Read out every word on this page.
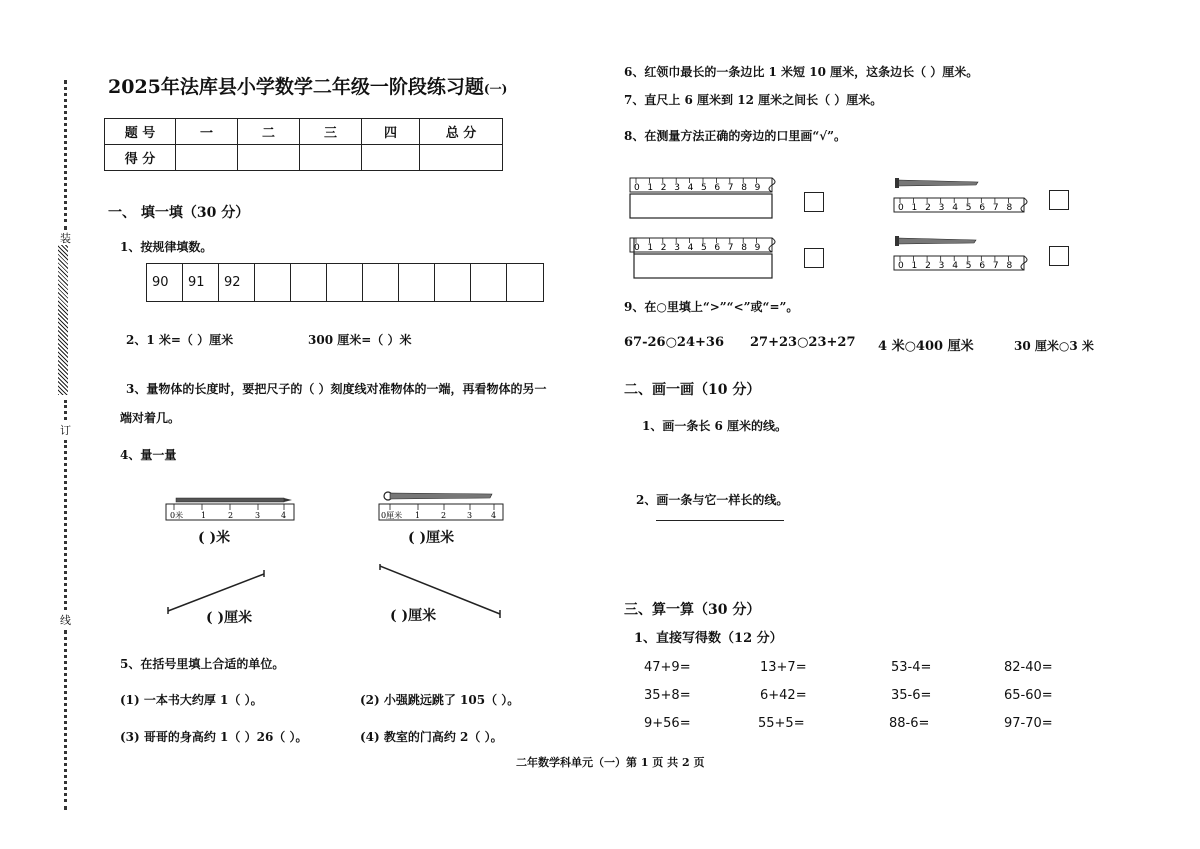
装
订
线
2025年法库县小学数学二年级一阶段练习题(一)
题 号	一	二	三	四	总 分
得 分					
一、 填一填（30 分）
1、按规律填数。
90	91	92
2、1 米=（ ）厘米	300 厘米=（ ）米
3、量物体的长度时，要把尺子的（ ）刻度线对准物体的一端，再看物体的另一
端对着几。
4、量一量
0米 1	2	3	4
( )米
0厘米 1	2	3 4
( )厘米
( )厘米	( )厘米
5、在括号里填上合适的单位。
(1) 一本书大约厚 1（ ）。	(2) 小强跳远跳了 105（ ）。
(3) 哥哥的身高约 1（ ）26（ ）。	(4) 教室的门高约 2（ ）。
6、红领巾最长的一条边比 1 米短 10 厘米，这条边长（ ）厘米。
7、直尺上 6 厘米到 12 厘米之间长（ ）厘米。
8、在测量方法正确的旁边的口里画“√”。
0 1 2 3 4 5 6 7 8 9
0 1 2 3 4 5 6 7 8 9
0 1 2 3 4 5 6 7 8
0 1 2 3 4 5 6 7 8
9、在○里填上“>”“<”或“=”。
67-26○24+36 27+23○23+27 4 米○400 厘米	30 厘米○3 米
二、画一画（10 分）
1、画一条长 6 厘米的线。
2、画一条与它一样长的线。
三、算一算（30 分）
1、直接写得数（12 分）
47+9=	13+7=	53-4=	82-40=
35+8=	6+42=	35-6=	65-60=
9+56=	55+5=	88-6=	97-70=
二年数学科单元（一）第 1 页 共 2 页
